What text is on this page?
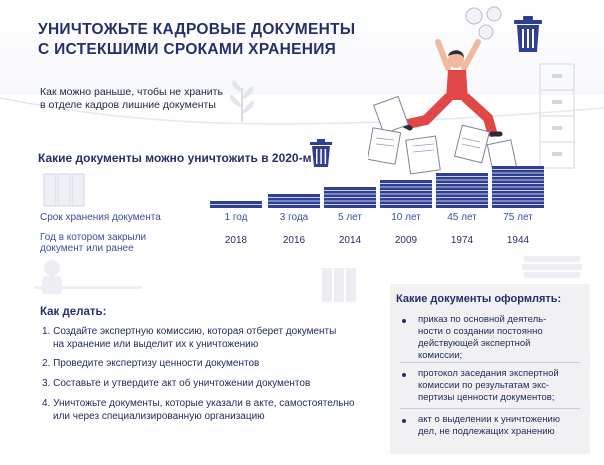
УНИЧТОЖЬТЕ КАДРОВЫЕ ДОКУМЕНТЫ
С ИСТЕКШИМИ СРОКАМИ ХРАНЕНИЯ
Как можно раньше, чтобы не хранить
в отделе кадров лишние документы
Какие документы можно уничтожить в 2020-м
Срок хранения документа
Год в котором закрыли
документ или ранее
1 год
2018
3 года
2016
5 лет
2014
10 лет
2009
45 лет
1974
75 лет
1944
Как делать:
1. Создайте экспертную комиссию, которая отберет документы
на хранение или выделит их к уничтожению
2. Проведите экспертизу ценности документов
3. Составьте и утвердите акт об уничтожении документов
4. Уничтожьте документы, которые указали в акте, самостоятельно
или через специализированную организацию
Какие документы оформлять:
приказ по основной деятель-
ности о создании постоянно
действующей экспертной
комиссии;
протокол заседания экспертной
комиссии по результатам экс-
пертизы ценности документов;
акт о выделении к уничтожению
дел, не подлежащих хранению
